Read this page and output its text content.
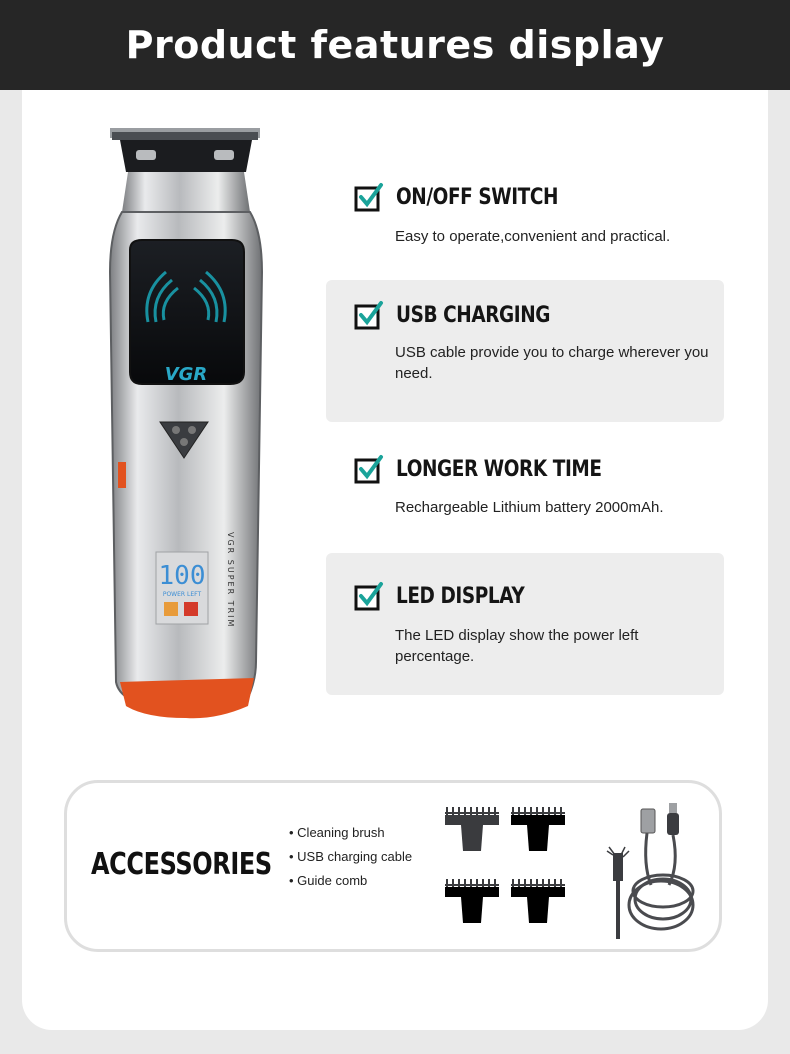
Product features display
VGR
100
POWER LEFT	VGR SUPER TRIM
ON/OFF SWITCH
Easy to operate,convenient and practical.
USB CHARGING
USB cable provide you to charge wherever you need.
LONGER WORK TIME
Rechargeable Lithium battery 2000mAh.
LED DISPLAY
The LED display show the power left percentage.
ACCESSORIES
• Cleaning brush
• USB charging cable
• Guide comb
